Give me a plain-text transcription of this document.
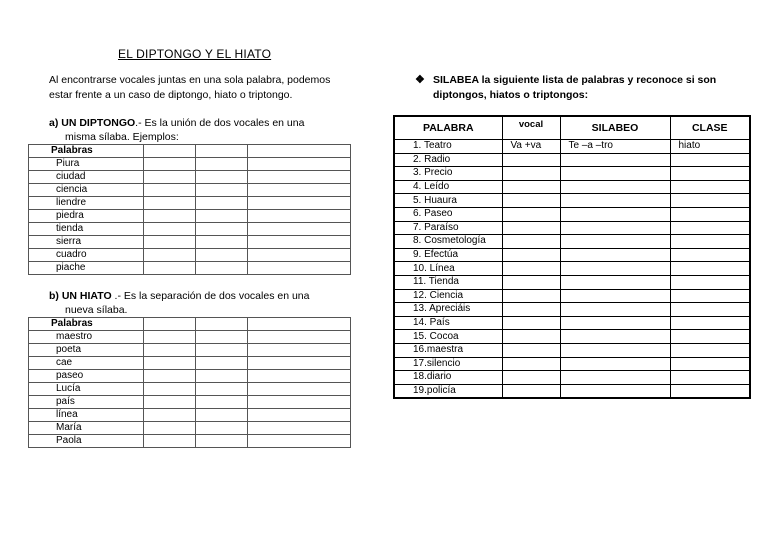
EL DIPTONGO Y EL HIATO
Al encontrarse vocales juntas en una sola palabra, podemos estar frente a un caso de diptongo, hiato o triptongo.
a) UN DIPTONGO.- Es la unión de dos vocales en una
misma sílaba. Ejemplos:
Palabras			
Piura			
ciudad			
ciencia			
liendre			
piedra			
tienda			
sierra			
cuadro			
piache			
b) UN HIATO .- Es la separación de dos vocales en una
nueva sílaba.
Palabras			
maestro			
poeta			
cae			
paseo			
Lucía			
país			
línea			
María			
Paola			
❖ SILABEA la siguiente lista de palabras y reconoce si son diptongos, hiatos o triptongos:
PALABRA	vocal	SILABEO	CLASE
1. Teatro	Va +va	Te –a –tro	hiato
2. Radio			
3. Precio			
4. Leído			
5. Huaura			
6. Paseo			
7. Paraíso			
8. Cosmetología			
9. Efectúa			
10. Línea			
11. Tienda			
12. Ciencia			
13. Apreciáis			
14. País			
15. Cocoa			
16.maestra			
17.silencio			
18.diario			
19.policía			
